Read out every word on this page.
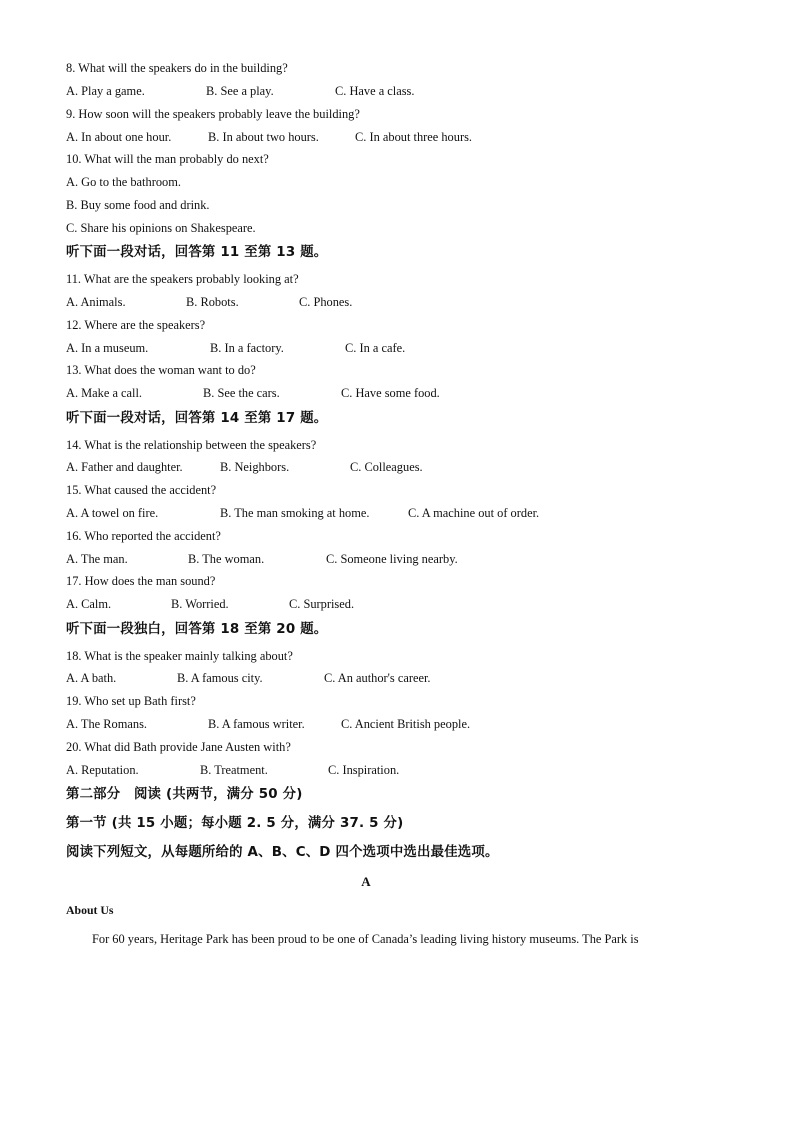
8. What will the speakers do in the building?
A. Play a game.	B. See a play.	C. Have a class.
9. How soon will the speakers probably leave the building?
A. In about one hour.	B. In about two hours.	C. In about three hours.
10. What will the man probably do next?
A. Go to the bathroom.
B. Buy some food and drink.
C. Share his opinions on Shakespeare.
听下面一段对话，回答第 11 至第 13 题。
11. What are the speakers probably looking at?
A. Animals.	B. Robots.	C. Phones.
12. Where are the speakers?
A. In a museum.	B. In a factory.	C. In a cafe.
13. What does the woman want to do?
A. Make a call.	B. See the cars.	C. Have some food.
听下面一段对话，回答第 14 至第 17 题。
14. What is the relationship between the speakers?
A. Father and daughter.	B. Neighbors.	C. Colleagues.
15. What caused the accident?
A. A towel on fire.	B. The man smoking at home.	C. A machine out of order.
16. Who reported the accident?
A. The man.	B. The woman.	C. Someone living nearby.
17. How does the man sound?
A. Calm.	B. Worried.	C. Surprised.
听下面一段独白，回答第 18 至第 20 题。
18. What is the speaker mainly talking about?
A. A bath.	B. A famous city.	C. An author's career.
19. Who set up Bath first?
A. The Romans.	B. A famous writer.	C. Ancient British people.
20. What did Bath provide Jane Austen with?
A. Reputation.	B. Treatment.	C. Inspiration.
第二部分　阅读 (共两节，满分 50 分)
第一节 (共 15 小题；每小题 2. 5 分，满分 37. 5 分)
阅读下列短文，从每题所给的 A、B、C、D 四个选项中选出最佳选项。
A
About Us
For 60 years, Heritage Park has been proud to be one of Canada’s leading living history museums. The Park is
